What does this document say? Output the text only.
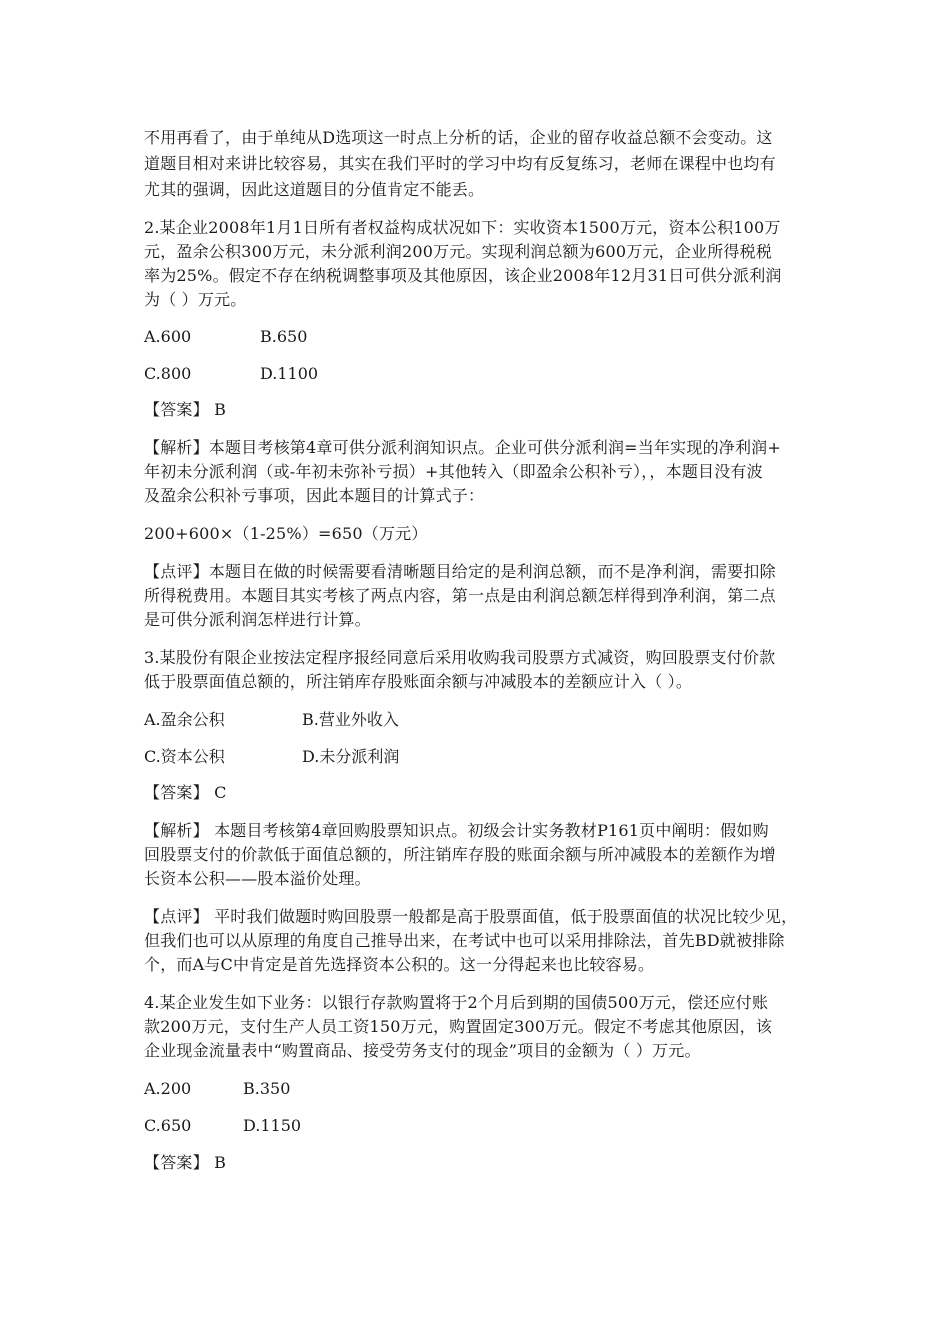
不用再看了，由于单纯从D选项这一时点上分析的话，企业的留存收益总额不会变动。这
道题目相对来讲比较容易，其实在我们平时的学习中均有反复练习，老师在课程中也均有
尤其的强调，因此这道题目的分值肯定不能丢。
2.某企业2008年1月1日所有者权益构成状况如下：实收资本1500万元，资本公积100万
元，盈余公积300万元，未分派利润200万元。实现利润总额为600万元，企业所得税税
率为25%。假定不存在纳税调整事项及其他原因，该企业2008年12月31日可供分派利润
为（ ）万元。
A.600	B.650
C.800	D.1100
【答案】 B
【解析】本题目考核第4章可供分派利润知识点。企业可供分派利润=当年实现的净利润+
年初未分派利润（或-年初未弥补亏损）+其他转入（即盈余公积补亏），，本题目没有波
及盈余公积补亏事项，因此本题目的计算式子：
200+600×（1-25%）=650（万元）
【点评】本题目在做的时候需要看清晰题目给定的是利润总额，而不是净利润，需要扣除
所得税费用。本题目其实考核了两点内容，第一点是由利润总额怎样得到净利润，第二点
是可供分派利润怎样进行计算。
3.某股份有限企业按法定程序报经同意后采用收购我司股票方式减资，购回股票支付价款
低于股票面值总额的，所注销库存股账面余额与冲减股本的差额应计入（ ）。
A.盈余公积	B.营业外收入
C.资本公积	D.未分派利润
【答案】 C
【解析】 本题目考核第4章回购股票知识点。初级会计实务教材P161页中阐明：假如购
回股票支付的价款低于面值总额的，所注销库存股的账面余额与所冲减股本的差额作为增
长资本公积——股本溢价处理。
【点评】 平时我们做题时购回股票一般都是高于股票面值，低于股票面值的状况比较少见，
但我们也可以从原理的角度自己推导出来，在考试中也可以采用排除法，首先BD就被排除
个，而A与C中肯定是首先选择资本公积的。这一分得起来也比较容易。
4.某企业发生如下业务：以银行存款购置将于2个月后到期的国债500万元，偿还应付账
款200万元，支付生产人员工资150万元，购置固定300万元。假定不考虑其他原因，该
企业现金流量表中“购置商品、接受劳务支付的现金”项目的金额为（ ）万元。
A.200	B.350
C.650	D.1150
【答案】 B
